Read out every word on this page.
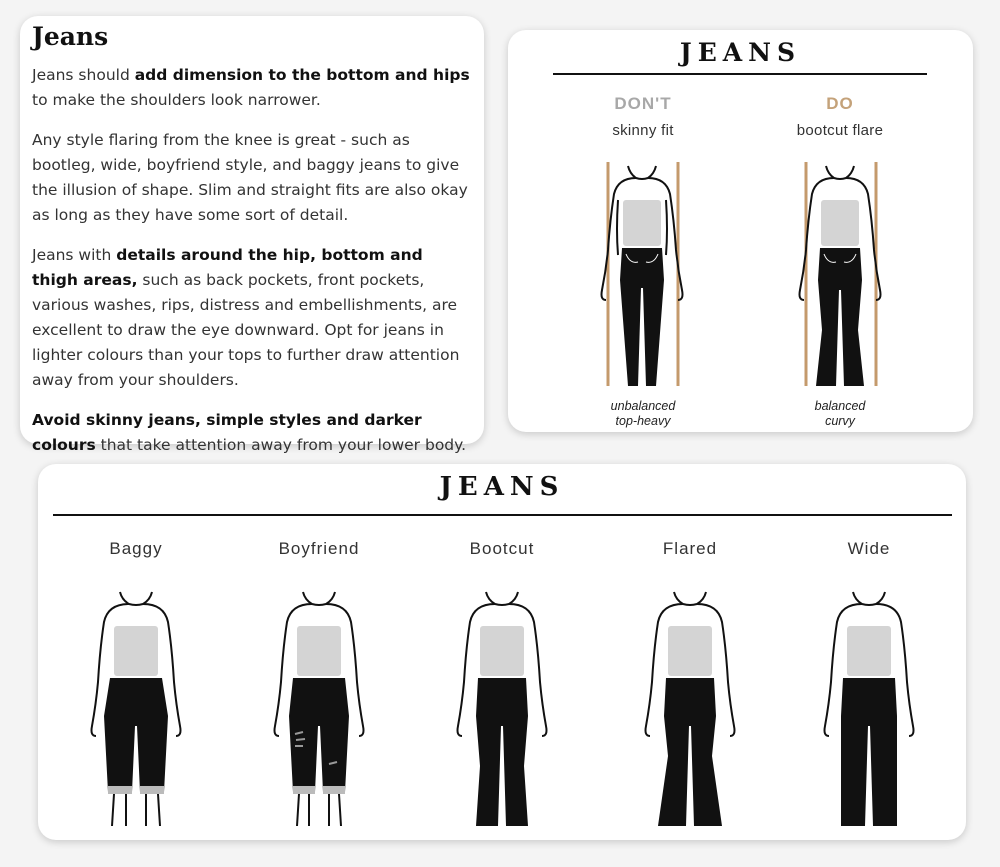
Jeans

Jeans should add dimension to the bottom and hips to make the shoulders look narrower.

Any style flaring from the knee is great - such as bootleg, wide, boyfriend style, and baggy jeans to give the illusion of shape. Slim and straight fits are also okay as long as they have some sort of detail.

Jeans with details around the hip, bottom and thigh areas, such as back pockets, front pockets, various washes, rips, distress and embellishments, are excellent to draw the eye downward. Opt for jeans in lighter colours than your tops to further draw attention away from your shoulders.

Avoid skinny jeans, simple styles and darker colours that take attention away from your lower body.

JEANS
DON'T
skinny fit
DO
bootcut flare
unbalanced
top-heavy
balanced
curvy
JEANS
Baggy	Boyfriend	Bootcut	Flared	Wide
